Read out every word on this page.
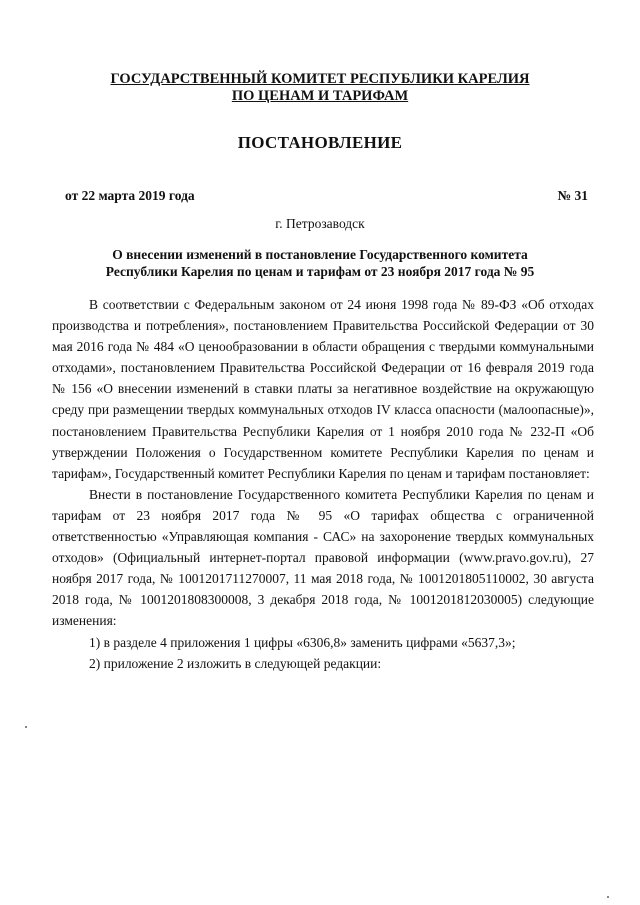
ГОСУДАРСТВЕННЫЙ КОМИТЕТ РЕСПУБЛИКИ КАРЕЛИЯ
ПО ЦЕНАМ И ТАРИФАМ
ПОСТАНОВЛЕНИЕ
от 22 марта 2019 года	№ 31
г. Петрозаводск
О внесении изменений в постановление Государственного комитета
Республики Карелия по ценам и тарифам от 23 ноября 2017 года № 95

В соответствии с Федеральным законом от 24 июня 1998 года № 89-ФЗ «Об отходах производства и потребления», постановлением Правительства Российской Федерации от 30 мая 2016 года № 484 «О ценообразовании в области обращения с твердыми коммунальными отходами», постановлением Правительства Российской Федерации от 16 февраля 2019 года № 156 «О внесении изменений в ставки платы за негативное воздействие на окружающую среду при размещении твердых коммунальных отходов IV класса опасности (малоопасные)», постановлением Правительства Республики Карелия от 1 ноября 2010 года № 232-П «Об утверждении Положения о Государственном комитете Республики Карелия по ценам и тарифам», Государственный комитет Республики Карелия по ценам и тарифам постановляет:

Внести в постановление Государственного комитета Республики Карелия по ценам и тарифам от 23 ноября 2017 года № 95 «О тарифах общества с ограниченной ответственностью «Управляющая компания - САС» на захоронение твердых коммунальных отходов» (Официальный интернет-портал правовой информации (www.pravo.gov.ru), 27 ноября 2017 года, № 1001201711270007, 11 мая 2018 года, № 1001201805110002, 30 августа 2018 года, № 1001201808300008, 3 декабря 2018 года, № 1001201812030005) следующие изменения:

1) в разделе 4 приложения 1 цифры «6306,8» заменить цифрами «5637,3»;

2) приложение 2 изложить в следующей редакции:
